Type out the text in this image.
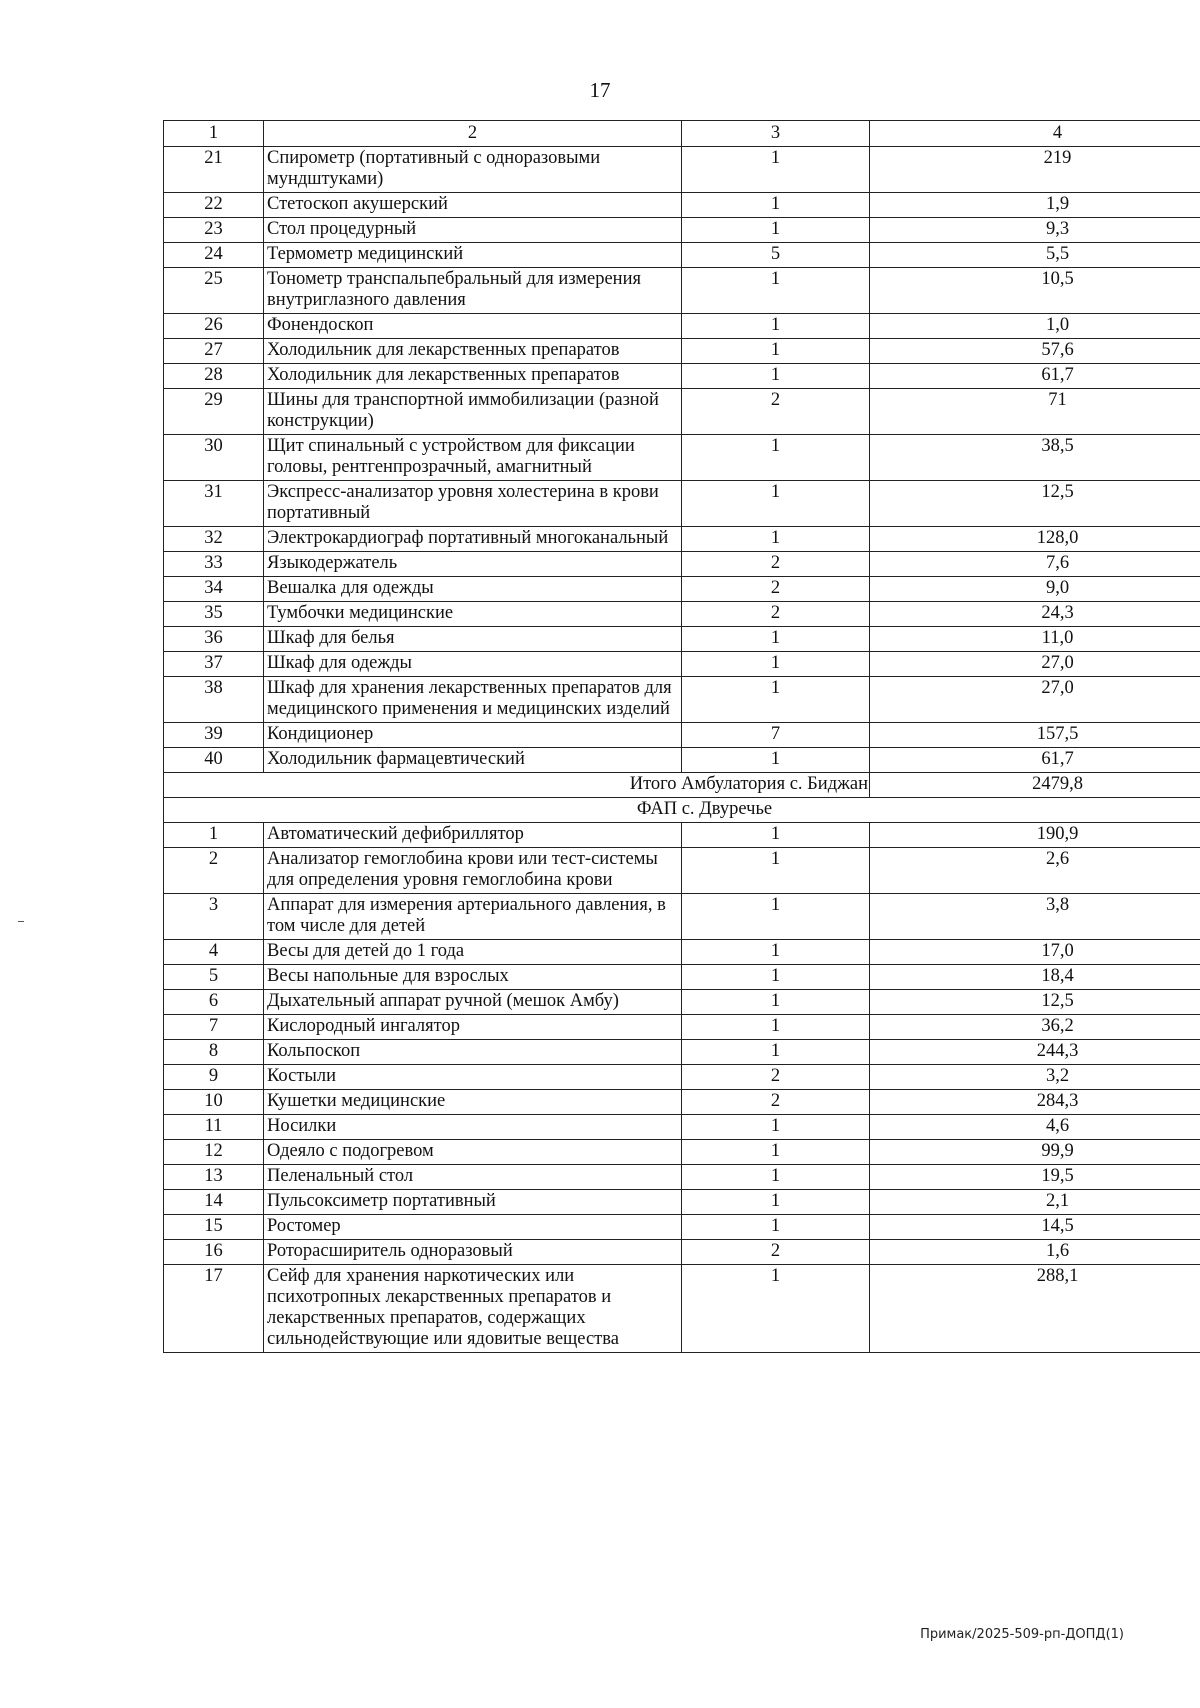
17
1	2	3	4
21	Спирометр (портативный с одноразовыми мундштуками)	1	219
22	Стетоскоп акушерский	1	1,9
23	Стол процедурный	1	9,3
24	Термометр медицинский	5	5,5
25	Тонометр транспальпебральный для измерения внутриглазного давления	1	10,5
26	Фонендоскоп	1	1,0
27	Холодильник для лекарственных препаратов	1	57,6
28	Холодильник для лекарственных препаратов	1	61,7
29	Шины для транспортной иммобилизации (разной конструкции)	2	71
30	Щит спинальный с устройством для фиксации головы, рентгенпрозрачный, амагнитный	1	38,5
31	Экспресс-анализатор уровня холестерина в крови портативный	1	12,5
32	Электрокардиограф портативный многоканальный	1	128,0
33	Языкодержатель	2	7,6
34	Вешалка для одежды	2	9,0
35	Тумбочки медицинские	2	24,3
36	Шкаф для белья	1	11,0
37	Шкаф для одежды	1	27,0
38	Шкаф для хранения лекарственных препаратов для медицинского применения и медицинских изделий	1	27,0
39	Кондиционер	7	157,5
40	Холодильник фармацевтический	1	61,7
Итого Амбулатория с. Биджан			2479,8
ФАП с. Двуречье			
1	Автоматический дефибриллятор	1	190,9
2	Анализатор гемоглобина крови или тест-системы для определения уровня гемоглобина крови	1	2,6
3	Аппарат для измерения артериального давления, в том числе для детей	1	3,8
4	Весы для детей до 1 года	1	17,0
5	Весы напольные для взрослых	1	18,4
6	Дыхательный аппарат ручной (мешок Амбу)	1	12,5
7	Кислородный ингалятор	1	36,2
8	Кольпоскоп	1	244,3
9	Костыли	2	3,2
10	Кушетки медицинские	2	284,3
11	Носилки	1	4,6
12	Одеяло с подогревом	1	99,9
13	Пеленальный стол	1	19,5
14	Пульсоксиметр портативный	1	2,1
15	Ростомер	1	14,5
16	Роторасширитель одноразовый	2	1,6
17	Сейф для хранения наркотических или психотропных лекарственных препаратов и лекарственных препаратов, содержащих сильнодействующие или ядовитые вещества	1	288,1
Примак/2025-509-рп-ДОПД(1)
